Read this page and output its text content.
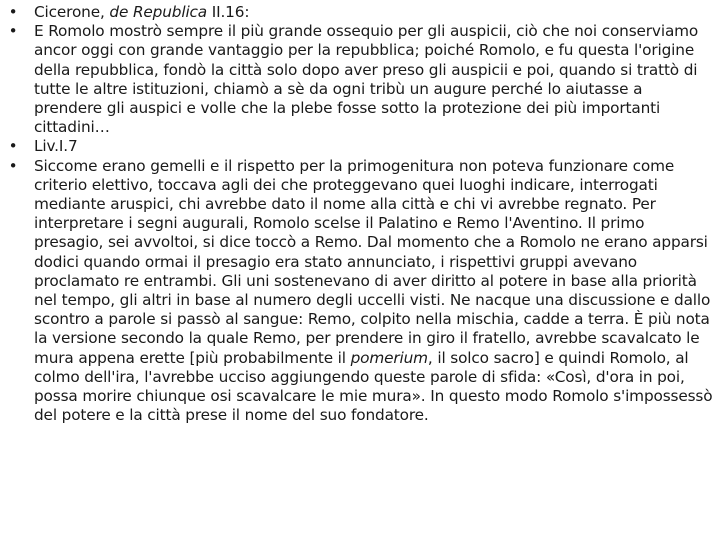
• Cicerone, de Republica II.16:
• E Romolo mostrò sempre il più grande ossequio per gli auspicii, ciò che noi conserviamo ancor oggi con grande vantaggio per la repubblica; poiché Romolo, e fu questa l'origine della repubblica, fondò la città solo dopo aver preso gli auspicii e poi, quando si trattò di tutte le altre istituzioni, chiamò a sè da ogni tribù un augure perché lo aiutasse a prendere gli auspici e volle che la plebe fosse sotto la protezione dei più importanti cittadini…
•	Liv.I.7
• Siccome erano gemelli e il rispetto per la primogenitura non poteva funzionare come criterio elettivo, toccava agli dei che proteggevano quei luoghi indicare, interrogati mediante aruspici, chi avrebbe dato il nome alla città e chi vi avrebbe regnato. Per interpretare i segni augurali, Romolo scelse il Palatino e Remo l'Aventino. Il primo presagio, sei avvoltoi, si dice toccò a Remo. Dal momento che a Romolo ne erano apparsi dodici quando ormai il presagio era stato annunciato, i rispettivi gruppi avevano proclamato re entrambi. Gli uni sostenevano di aver diritto al potere in base alla priorità nel tempo, gli altri in base al numero degli uccelli visti. Ne nacque una discussione e dallo scontro a parole si passò al sangue: Remo, colpito nella mischia, cadde a terra. È più nota la versione secondo la quale Remo, per prendere in giro il fratello, avrebbe scavalcato le mura appena erette [più probabilmente il pomerium, il solco sacro] e quindi Romolo, al colmo dell'ira, l'avrebbe ucciso aggiungendo queste parole di sfida: «Così, d'ora in poi, possa morire chiunque osi scavalcare le mie mura». In questo modo Romolo s'impossessò del potere e la città prese il nome del suo fondatore.
